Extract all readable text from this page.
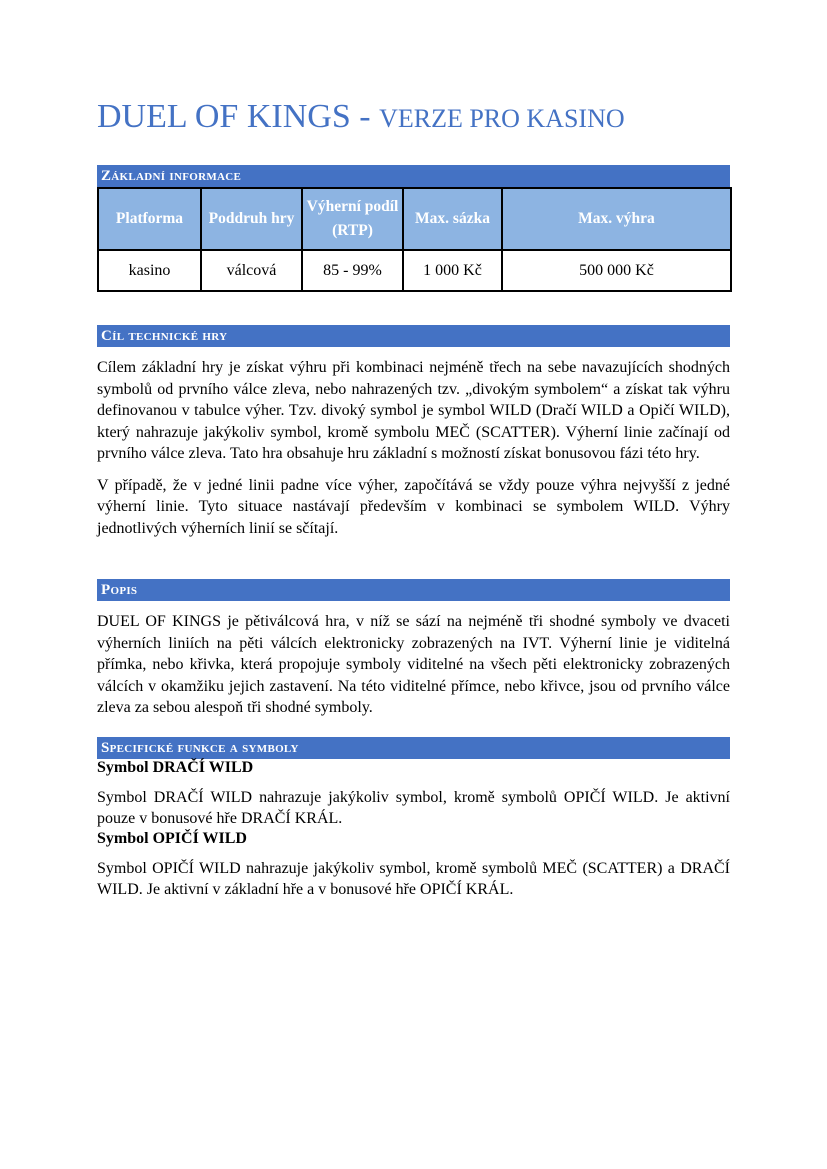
DUEL OF KINGS - VERZE PRO KASINO
Základní informace
Platforma	Poddruh hry	Výherní podíl (RTP)	Max. sázka	Max. výhra
kasino	válcová	85 - 99%	1 000 Kč	500 000 Kč
Cíl technické hry

Cílem základní hry je získat výhru při kombinaci nejméně třech na sebe navazujících shodných symbolů od prvního válce zleva, nebo nahrazených tzv. „divokým symbolem“ a získat tak výhru definovanou v tabulce výher. Tzv. divoký symbol je symbol WILD (Dračí WILD a Opičí WILD), který nahrazuje jakýkoliv symbol, kromě symbolu MEČ (SCATTER). Výherní linie začínají od prvního válce zleva. Tato hra obsahuje hru základní s možností získat bonusovou fázi této hry.

V případě, že v jedné linii padne více výher, započítává se vždy pouze výhra nejvyšší z jedné výherní linie. Tyto situace nastávají především v kombinaci se symbolem WILD. Výhry jednotlivých výherních linií se sčítají.

Popis

DUEL OF KINGS je pětiválcová hra, v níž se sází na nejméně tři shodné symboly ve dvaceti výherních liniích na pěti válcích elektronicky zobrazených na IVT. Výherní linie je viditelná přímka, nebo křivka, která propojuje symboly viditelné na všech pěti elektronicky zobrazených válcích v okamžiku jejich zastavení. Na této viditelné přímce, nebo křivce, jsou od prvního válce zleva za sebou alespoň tři shodné symboly.

Specifické funkce a symboly
Symbol DRAČÍ WILD

Symbol DRAČÍ WILD nahrazuje jakýkoliv symbol, kromě symbolů OPIČÍ WILD. Je aktivní pouze v bonusové hře DRAČÍ KRÁL.

Symbol OPIČÍ WILD

Symbol OPIČÍ WILD nahrazuje jakýkoliv symbol, kromě symbolů MEČ (SCATTER) a DRAČÍ WILD. Je aktivní v základní hře a v bonusové hře OPIČÍ KRÁL.
